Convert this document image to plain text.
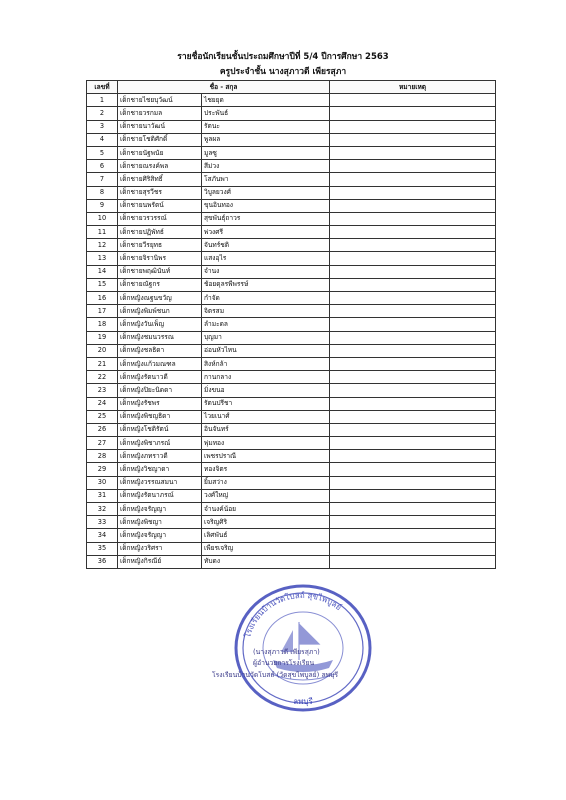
รายชื่อนักเรียนชั้นประถมศึกษาปีที่ 5/4 ปีการศึกษา 2563
ครูประจำชั้น นางสุภาวดี เพียรสุภา
เลขที่	ชื่อ - สกุล		หมายเหตุ
1	เด็กชายไชยบุวัฒน์	ไชยยุด	
2	เด็กชายวรกมล	ประพันธ์	
3	เด็กชายนาวัฒน์	รัตนะ	
4	เด็กชายโชติศักดิ์	พูลผล	
5	เด็กชายนัฐพนัย	มูลซู	
6	เด็กชายณรงค์พล	สีม่วง	
7	เด็กชายศิริสิทธิ์	โสภันพา	
8	เด็กชายสุรวีชร	วิบูลยวงศ์	
9	เด็กชายนพรัตน์	ขุนอินทอง	
10	เด็กชายวรวรรณ์	สุขพันธุ์ถาวร	
11	เด็กชายปฏิพัทธ์	พ่วงศรี	
12	เด็กชายวีรยุทธ	จันทร์ชติ	
13	เด็กชายจิรานิพร	แสงอุไร	
14	เด็กชายพฤฒินันท์	จำนง	
15	เด็กชายณัฐกร	ช้อยดุลรพีพรรษ์	
16	เด็กหญิงณฐนขวัญ	กำจัด	
17	เด็กหญิงพิมพ์ชนก	จิตรสม	
18	เด็กหญิงวันเพ็ญ	ลำมะดล	
19	เด็กหญิงชมนวรรณ	บุญมา	
20	เด็กหญิงชลธิดา	อ่อนหัวไหน	
21	เด็กหญิงแก้วมณฑล	สิงห์กล้า	
22	เด็กหญิงรัตนาวดี	กานกลาง	
23	เด็กหญิงปิยะนิดดา	มิ่งขนอ	
24	เด็กหญิงรัชพร	รัตนปรีชา	
25	เด็กหญิงพิชญธิดา	ไวยเนาศ์	
26	เด็กหญิงโชติรัตน์	อินจันทร์	
27	เด็กหญิงพิชาภรณ์	พุ่มทอง	
28	เด็กหญิงภทราวดี	เพชรปราณี	
29	เด็กหญิงวิชญาดา	ทองจิตร	
30	เด็กหญิงวรรณสมนา	ยิ้มสว่าง	
31	เด็กหญิงรัตนาภรณ์	วงศ์ใหญ่	
32	เด็กหญิงจรัญญา	จำนงค์น้อย	
33	เด็กหญิงพิชญา	เจริญศิริ	
34	เด็กหญิงจรัญญา	เลิศพันธ์	
35	เด็กหญิงวริศรา	เพียรเจริญ	
36	เด็กหญิงกิรณีย์	ทับดง	
โรงเรียนบ้านวัดโบสถ์ สุขไพบูลย์
ลพบุรี
(นางสุภาวดี เพียรสุภา)
ผู้อำนวยการโรงเรียน
โรงเรียนบ้านวัดโบสถ์ (วัดสุขไพบูลย์) ลพบุรี
